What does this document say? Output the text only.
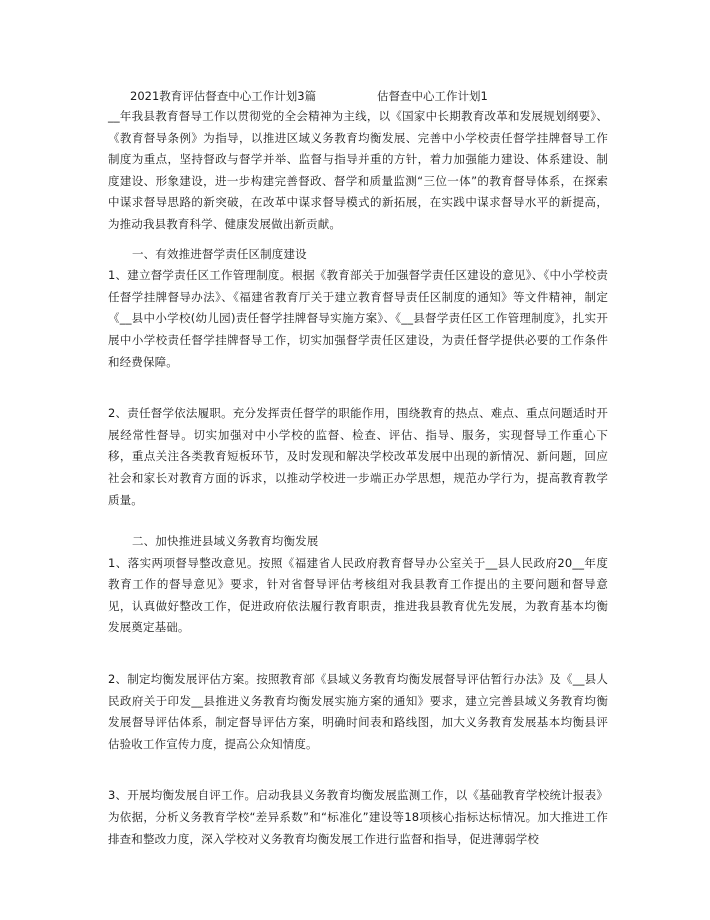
2021教育评估督查中心工作计划3篇	估督查中心工作计划1

__年我县教育督导工作以贯彻党的全会精神为主线，以《国家中长期教育改革和发展规划纲要》、《教育督导条例》为指导，以推进区域义务教育均衡发展、完善中小学校责任督学挂牌督导工作制度为重点，坚持督政与督学并举、监督与指导并重的方针，着力加强能力建设、体系建设、制度建设、形象建设，进一步构建完善督政、督学和质量监测“三位一体”的教育督导体系，在探索中谋求督导思路的新突破，在改革中谋求督导模式的新拓展，在实践中谋求督导水平的新提高，为推动我县教育科学、健康发展做出新贡献。

一、有效推进督学责任区制度建设

1、建立督学责任区工作管理制度。根据《教育部关于加强督学责任区建设的意见》、《中小学校责任督学挂牌督导办法》、《福建省教育厅关于建立教育督导责任区制度的通知》等文件精神，制定《__县中小学校(幼儿园)责任督学挂牌督导实施方案》、《__县督学责任区工作管理制度》，扎实开展中小学校责任督学挂牌督导工作，切实加强督学责任区建设，为责任督学提供必要的工作条件和经费保障。

2、责任督学依法履职。充分发挥责任督学的职能作用，围绕教育的热点、难点、重点问题适时开展经常性督导。切实加强对中小学校的监督、检查、评估、指导、服务，实现督导工作重心下移，重点关注各类教育短板环节，及时发现和解决学校改革发展中出现的新情况、新问题，回应社会和家长对教育方面的诉求，以推动学校进一步端正办学思想，规范办学行为，提高教育教学质量。

二、加快推进县域义务教育均衡发展

1、落实两项督导整改意见。按照《福建省人民政府教育督导办公室关于__县人民政府20__年度教育工作的督导意见》要求，针对省督导评估考核组对我县教育工作提出的主要问题和督导意见，认真做好整改工作，促进政府依法履行教育职责，推进我县教育优先发展，为教育基本均衡发展奠定基础。

2、制定均衡发展评估方案。按照教育部《县域义务教育均衡发展督导评估暂行办法》及《__县人民政府关于印发__县推进义务教育均衡发展实施方案的通知》要求，建立完善县域义务教育均衡发展督导评估体系，制定督导评估方案，明确时间表和路线图，加大义务教育发展基本均衡县评估验收工作宣传力度，提高公众知情度。

3、开展均衡发展自评工作。启动我县义务教育均衡发展监测工作，以《基础教育学校统计报表》为依据，分析义务教育学校“差异系数”和“标准化”建设等18项核心指标达标情况。加大推进工作排查和整改力度，深入学校对义务教育均衡发展工作进行监督和指导，促进薄弱学校
